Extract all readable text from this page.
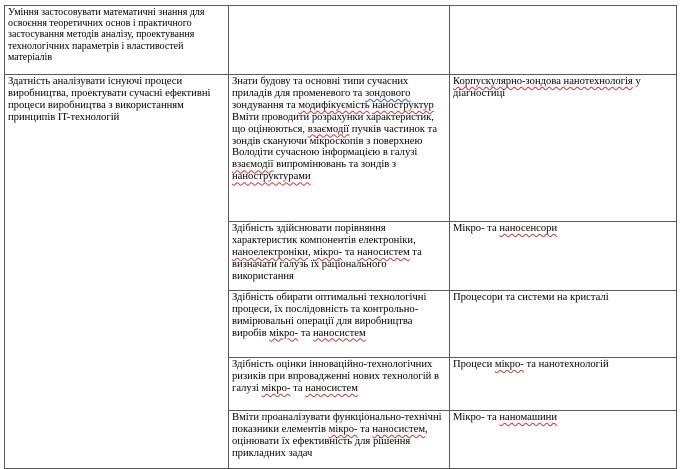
Уміння застосовувати математичні знання для освоєння теоретичних основ і практичного застосування методів аналізу, проектування технологічних параметрів і властивостей матеріалів		
Здатність аналізувати існуючі процеси виробництва, проектувати сучасні ефективні процеси виробництва з використанням принципів IT-технологій	Знати будову та основні типи сучасних приладів для променевого та зондового зондування та модифікуємість наноструктур
Вміти проводити розрахунки характеристик, що оцінюються, взаємодії пучків частинок та зондів скануючи мікроскопів з поверхнею
Володіти сучасною інформацією в галузі взаємодії випромінювань та зондів з наноструктурами	Корпускулярно-зондова нанотехнологія у діагностиці
	Здібність здійснювати порівняння характеристик компонентів електроніки, наноелектроніки, мікро- та наносистем та визначати галузь їх раціонального використання	Мікро- та наносенсори
	Здібність обирати оптимальні технологічні процеси, їх послідовність та контрольно-вимірювальні операції для виробництва виробів мікро- та наносистем	Процесори та системи на кристалі
	Здібність оцінки інноваційно-технологічних ризиків при впровадженні нових технологій в галузі мікро- та наносистем	Процеси мікро- та нанотехнологій
	Вміти проаналізувати функціонально-технічні показники елементів мікро- та наносистем, оцінювати їх ефективність для рішення прикладних задач	Мікро- та наномашини
